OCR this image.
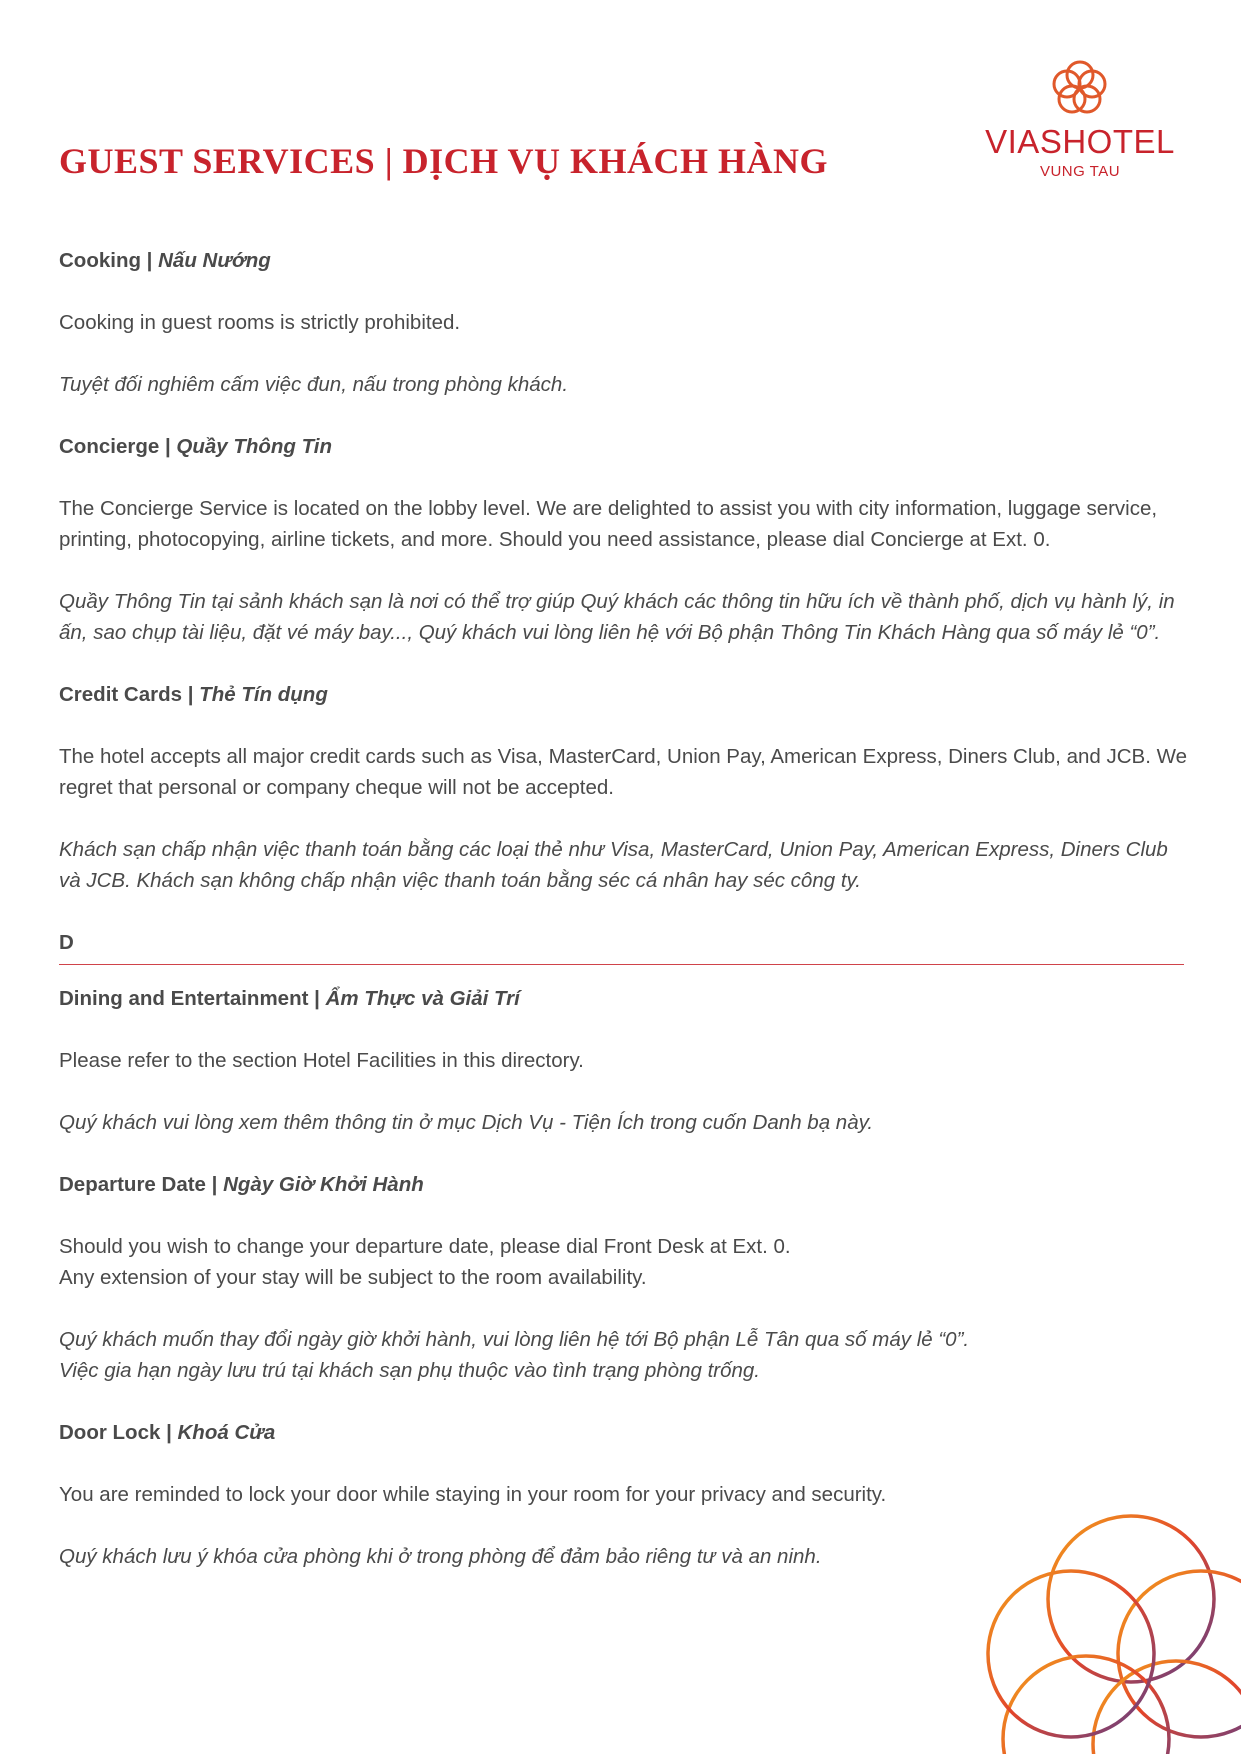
GUEST SERVICES | DỊCH VỤ KHÁCH HÀNG	VIASHOTEL
VUNG TAU

Cooking | Nấu Nướng

Cooking in guest rooms is strictly prohibited.

Tuyệt đối nghiêm cấm việc đun, nấu trong phòng khách.

Concierge | Quầy Thông Tin

The Concierge Service is located on the lobby level. We are delighted to assist you with city information, luggage service, printing, photocopying, airline tickets, and more. Should you need assistance, please dial Concierge at Ext. 0.

Quầy Thông Tin tại sảnh khách sạn là nơi có thể trợ giúp Quý khách các thông tin hữu ích về thành phố, dịch vụ hành lý, in ấn, sao chụp tài liệu, đặt vé máy bay..., Quý khách vui lòng liên hệ với Bộ phận Thông Tin Khách Hàng qua số máy lẻ “0”.

Credit Cards | Thẻ Tín dụng

The hotel accepts all major credit cards such as Visa, MasterCard, Union Pay, American Express, Diners Club, and JCB. We regret that personal or company cheque will not be accepted.

Khách sạn chấp nhận việc thanh toán bằng các loại thẻ như Visa, MasterCard, Union Pay, American Express, Diners Club và JCB. Khách sạn không chấp nhận việc thanh toán bằng séc cá nhân hay séc công ty.

D

Dining and Entertainment | Ẩm Thực và Giải Trí

Please refer to the section Hotel Facilities in this directory.

Quý khách vui lòng xem thêm thông tin ở mục Dịch Vụ - Tiện Ích trong cuốn Danh bạ này.

Departure Date | Ngày Giờ Khởi Hành

Should you wish to change your departure date, please dial Front Desk at Ext. 0.

Any extension of your stay will be subject to the room availability.

Quý khách muốn thay đổi ngày giờ khởi hành, vui lòng liên hệ tới Bộ phận Lễ Tân qua số máy lẻ “0”.

Việc gia hạn ngày lưu trú tại khách sạn phụ thuộc vào tình trạng phòng trống.

Door Lock | Khoá Cửa

You are reminded to lock your door while staying in your room for your privacy and security.

Quý khách lưu ý khóa cửa phòng khi ở trong phòng để đảm bảo riêng tư và an ninh.
